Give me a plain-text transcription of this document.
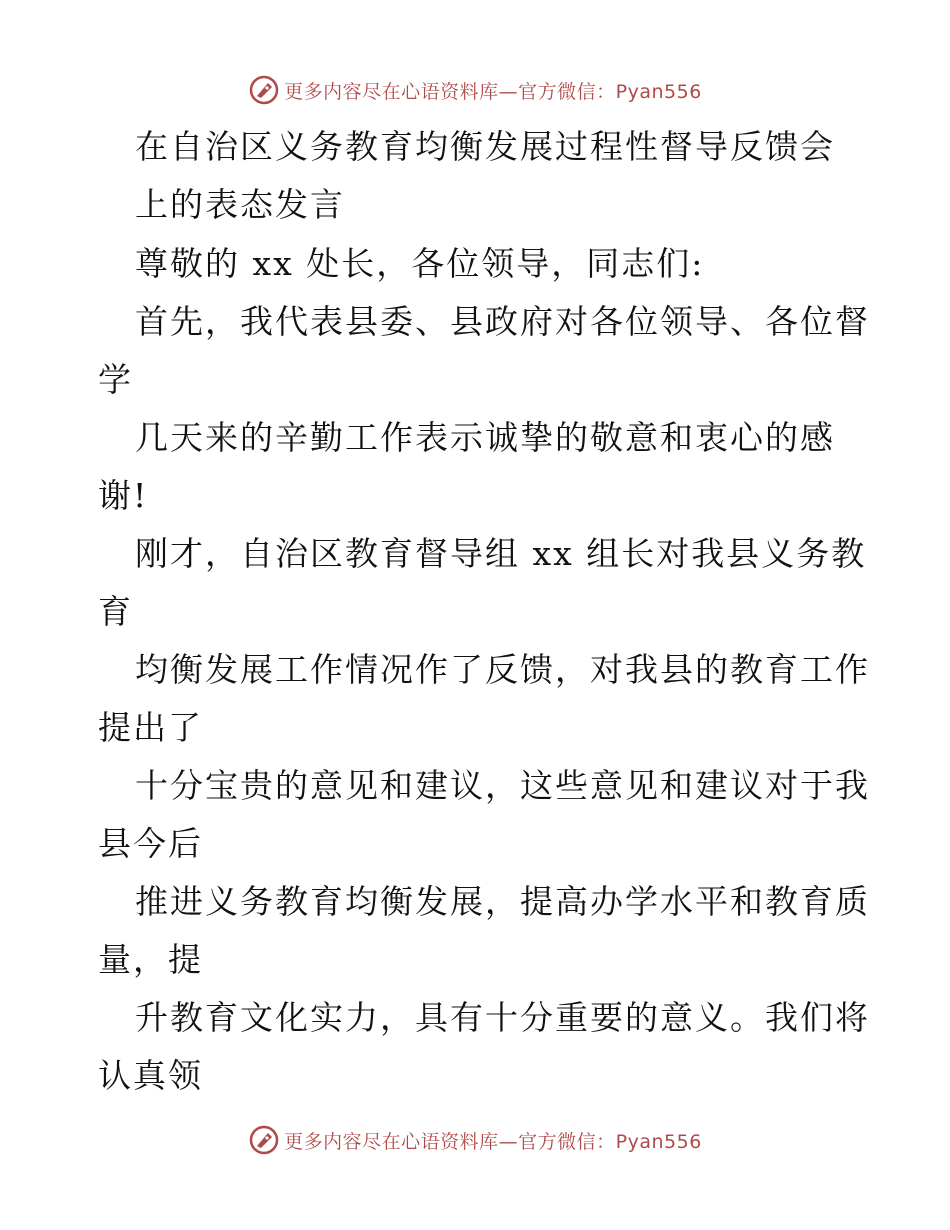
更多内容尽在心语资料库—官方微信：Pyan556
在自治区义务教育均衡发展过程性督导反馈会
上的表态发言
尊敬的 xx 处长，各位领导，同志们:
首先，我代表县委、县政府对各位领导、各位督
学
几天来的辛勤工作表示诚挚的敬意和衷心的感
谢!
刚才，自治区教育督导组 xx 组长对我县义务教
育
均衡发展工作情况作了反馈，对我县的教育工作
提出了
十分宝贵的意见和建议，这些意见和建议对于我
县今后
推进义务教育均衡发展，提高办学水平和教育质
量，提
升教育文化实力，具有十分重要的意义。我们将
认真领
更多内容尽在心语资料库—官方微信：Pyan556
